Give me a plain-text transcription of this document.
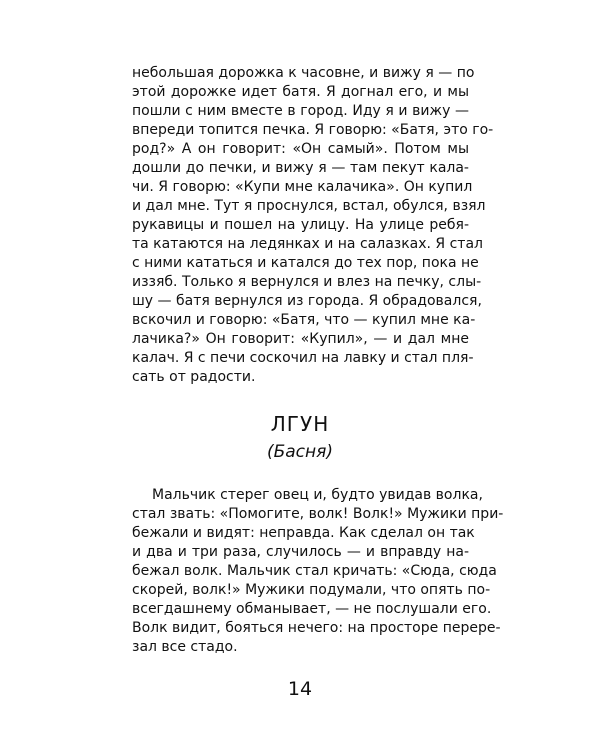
небольшая дорожка к часовне, и вижу я — по
этой дорожке идет батя. Я догнал его, и мы
пошли с ним вместе в город. Иду я и вижу —
впереди топится печка. Я говорю: «Батя, это го-
род?» А он говорит: «Он самый». Потом мы
дошли до печки, и вижу я — там пекут кала-
чи. Я говорю: «Купи мне калачика». Он купил
и дал мне. Тут я проснулся, встал, обулся, взял
рукавицы и пошел на улицу. На улице ребя-
та катаются на ледянках и на салазках. Я стал
с ними кататься и катался до тех пор, пока не
иззяб. Только я вернулся и влез на печку, слы-
шу — батя вернулся из города. Я обрадовался,
вскочил и говорю: «Батя, что — купил мне ка-
лачика?» Он говорит: «Купил», — и дал мне
калач. Я с печи соскочил на лавку и стал пля-
сать от радости.
ЛГУН
(Басня)
Мальчик стерег овец и, будто увидав волка,
стал звать: «Помогите, волк! Волк!» Мужики при-
бежали и видят: неправда. Как сделал он так
и два и три раза, случилось — и вправду на-
бежал волк. Мальчик стал кричать: «Сюда, сюда
скорей, волк!» Мужики подумали, что опять по-
всегдашнему обманывает, — не послушали его.
Волк видит, бояться нечего: на просторе перере-
зал все стадо.
14
